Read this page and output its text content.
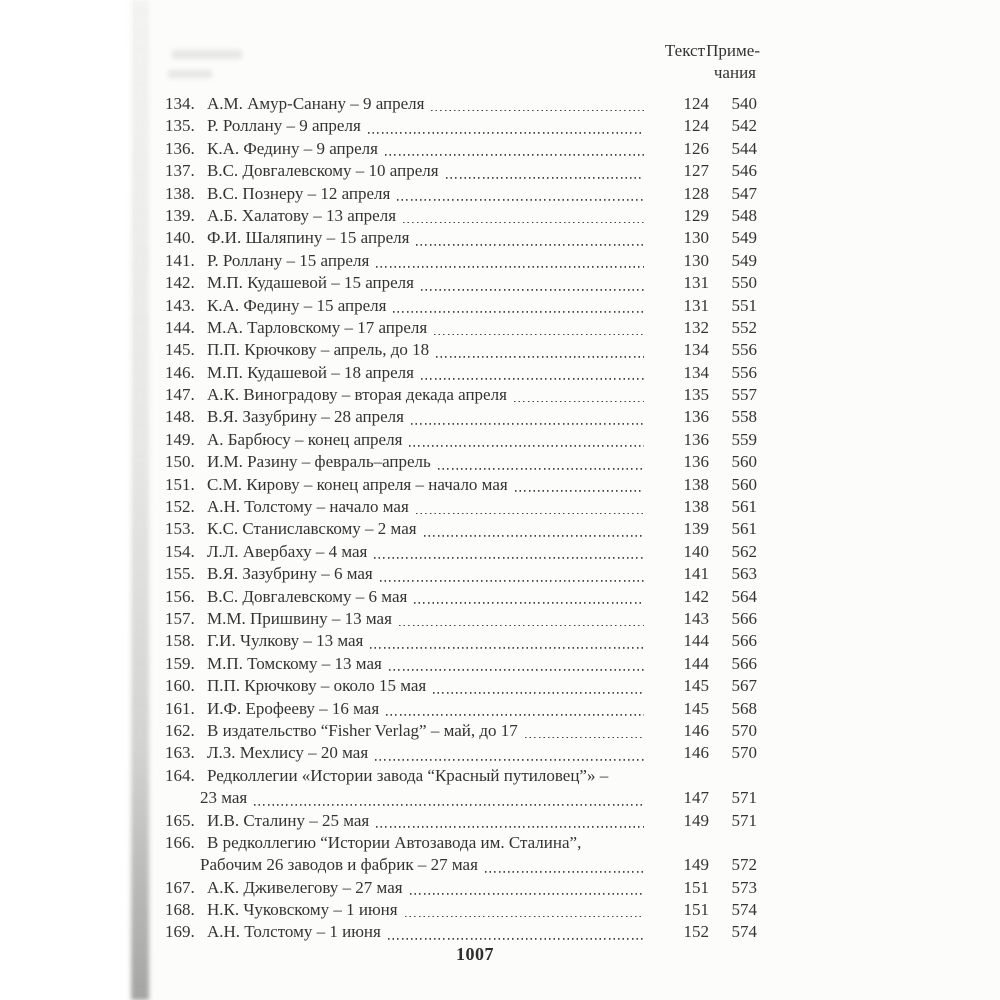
Текст Приме-
чания
134. А.М. Амур-Санану – 9 апреля	124	540
135. Р. Роллану – 9 апреля	124	542
136. К.А. Федину – 9 апреля	126	544
137. В.С. Довгалевскому – 10 апреля	127	546
138. В.С. Познеру – 12 апреля	128	547
139. А.Б. Халатову – 13 апреля	129	548
140. Ф.И. Шаляпину – 15 апреля	130	549
141. Р. Роллану – 15 апреля	130	549
142. М.П. Кудашевой – 15 апреля	131	550
143. К.А. Федину – 15 апреля	131	551
144. М.А. Тарловскому – 17 апреля	132	552
145. П.П. Крючкову – апрель, до 18	134	556
146. М.П. Кудашевой – 18 апреля	134	556
147. А.К. Виноградову – вторая декада апреля	135	557
148. В.Я. Зазубрину – 28 апреля	136	558
149. А. Барбюсу – конец апреля	136	559
150. И.М. Разину – февраль–апрель	136	560
151. С.М. Кирову – конец апреля – начало мая	138	560
152. А.Н. Толстому – начало мая	138	561
153. К.С. Станиславскому – 2 мая	139	561
154. Л.Л. Авербаху – 4 мая	140	562
155. В.Я. Зазубрину – 6 мая	141	563
156. В.С. Довгалевскому – 6 мая	142	564
157. М.М. Пришвину – 13 мая	143	566
158. Г.И. Чулкову – 13 мая	144	566
159. М.П. Томскому – 13 мая	144	566
160. П.П. Крючкову – около 15 мая	145	567
161. И.Ф. Ерофееву – 16 мая	145	568
162. В издательство “Fisher Verlag” – май, до 17	146	570
163. Л.З. Мехлису – 20 мая	146	570
164. Редколлегии «Истории завода “Красный путиловец”» –
23 мая	147	571
165. И.В. Сталину – 25 мая	149	571
166. В редколлегию “Истории Автозавода им. Сталина”,
Рабочим 26 заводов и фабрик – 27 мая	149	572
167. А.К. Дживелегову – 27 мая	151	573
168. Н.К. Чуковскому – 1 июня	151	574
169. А.Н. Толстому – 1 июня	152	574
1007
